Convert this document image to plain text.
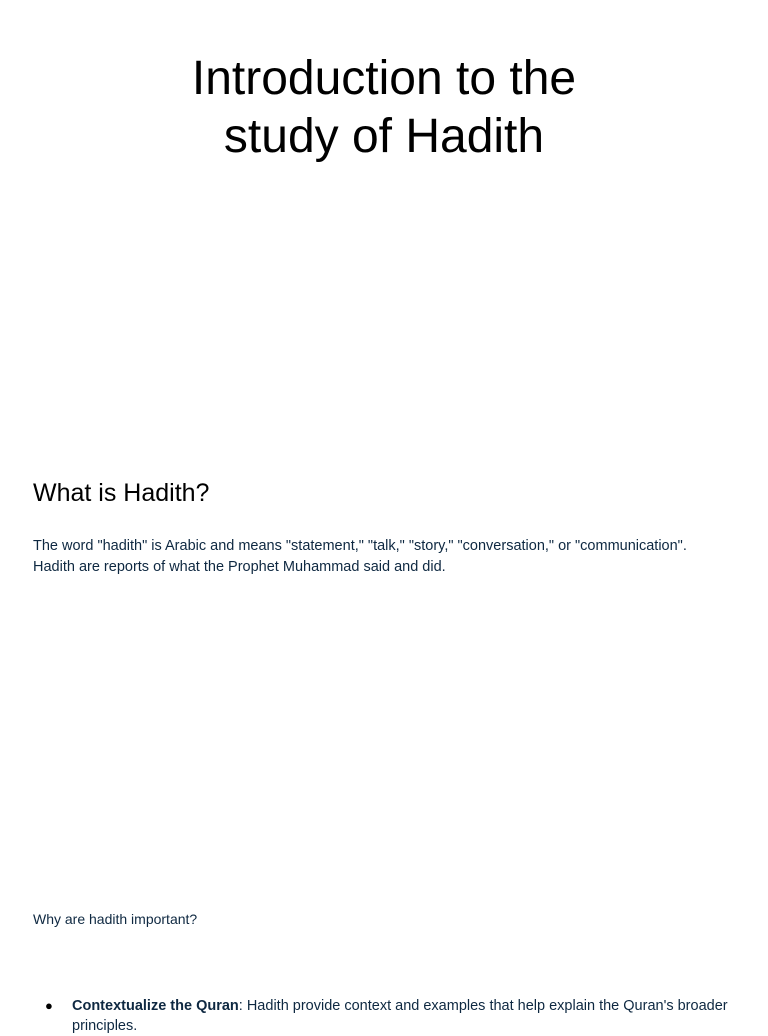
Introduction to the
study of Hadith
What is Hadith?

The word "hadith" is Arabic and means "statement," "talk," "story," "conversation," or "communication".
Hadith are reports of what the Prophet Muhammad said and did.

Why are hadith important?

● Contextualize the Quran: Hadith provide context and examples that help explain the Quran's broader principles.
